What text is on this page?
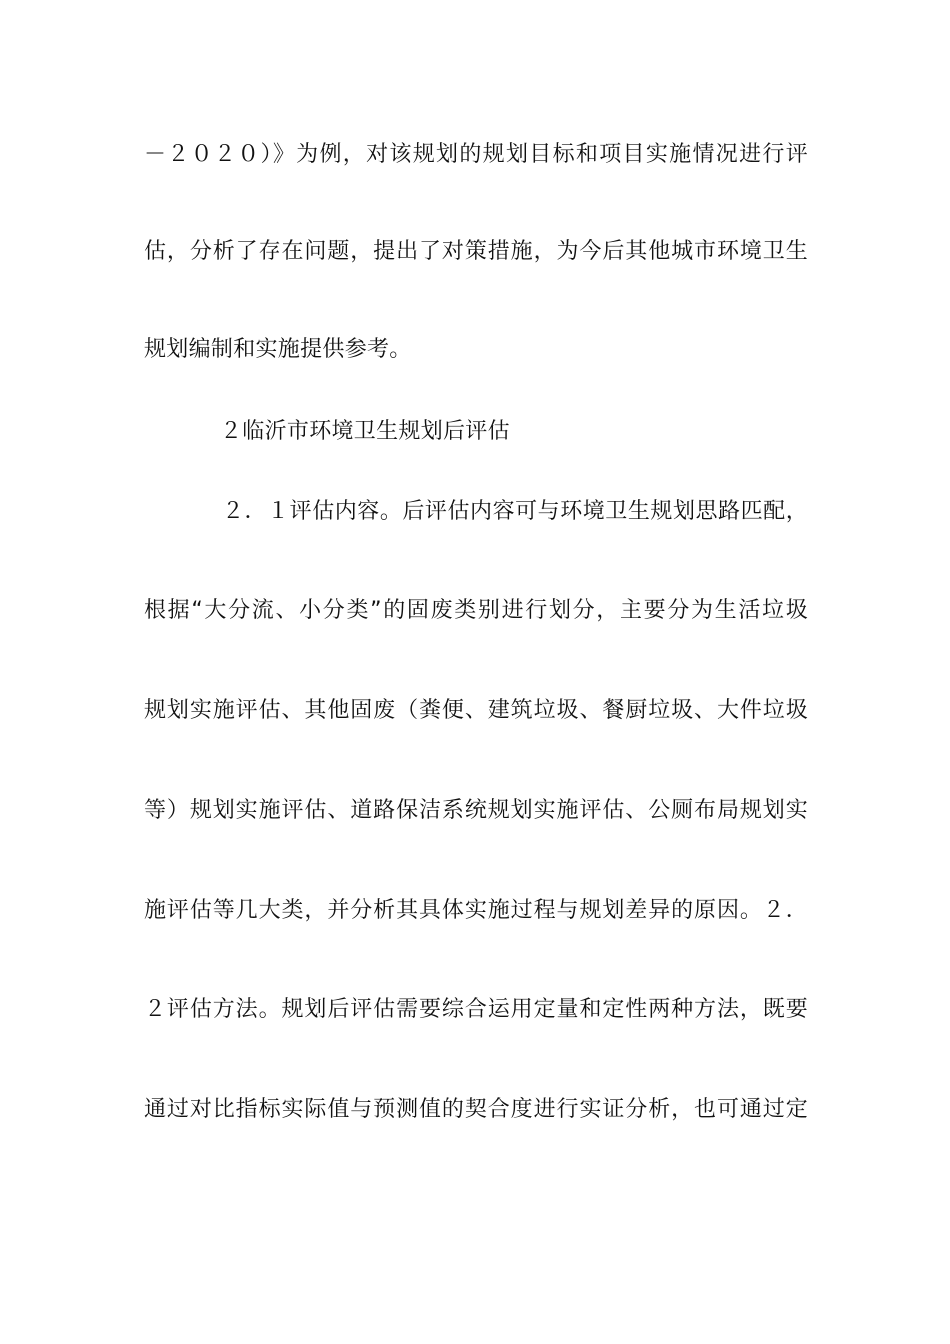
－２０２０）》为例，对该规划的规划目标和项目实施情况进行评
估，分析了存在问题，提出了对策措施，为今后其他城市环境卫生
规划编制和实施提供参考。
２临沂市环境卫生规划后评估
２．１评估内容。后评估内容可与环境卫生规划思路匹配，
根据“大分流、小分类”的固废类别进行划分，主要分为生活垃圾
规划实施评估、其他固废（粪便、建筑垃圾、餐厨垃圾、大件垃圾
等）规划实施评估、道路保洁系统规划实施评估、公厕布局规划实
施评估等几大类，并分析其具体实施过程与规划差异的原因。２．
２评估方法。规划后评估需要综合运用定量和定性两种方法，既要
通过对比指标实际值与预测值的契合度进行实证分析，也可通过定
